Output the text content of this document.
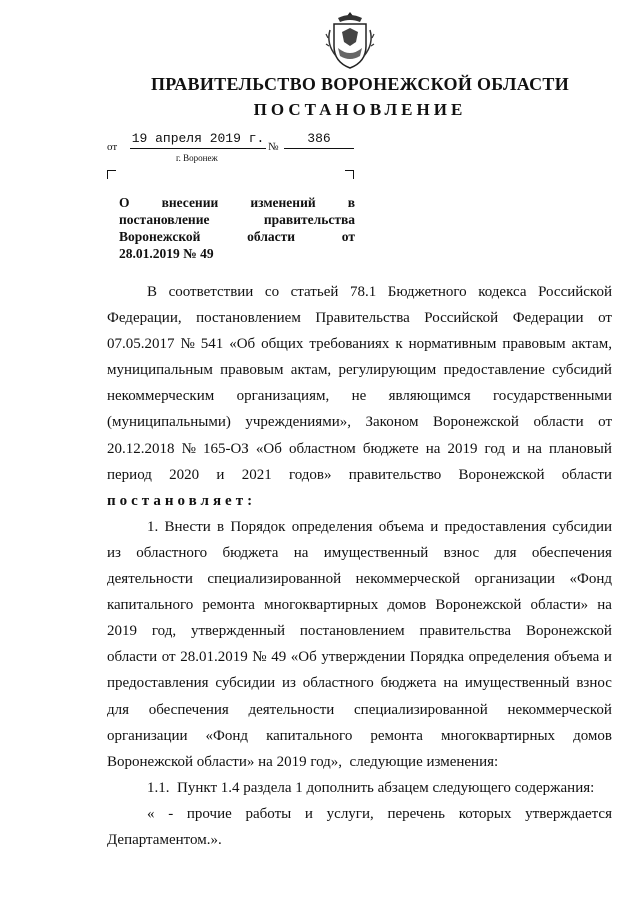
ПРАВИТЕЛЬСТВО ВОРОНЕЖСКОЙ ОБЛАСТИ
ПОСТАНОВЛЕНИЕ
от
19 апреля 2019 г.
№
386
г. Воронеж
О внесении изменений в
постановление	правительства
Воронежской	области	от
28.01.2019 № 49
В соответствии со статьей 78.1 Бюджетного кодекса Российской
Федерации, постановлением Правительства Российской Федерации от
07.05.2017 № 541 «Об общих требованиях к нормативным правовым актам,
муниципальным правовым актам, регулирующим предоставление субсидий
некоммерческим организациям, не являющимся государственными
(муниципальными) учреждениями», Законом Воронежской области от
20.12.2018 № 165-ОЗ «Об областном бюджете на 2019 год и на плановый
период 2020 и 2021 годов» правительство Воронежской области
постановляет:
1. Внести в Порядок определения объема и предоставления субсидии
из областного бюджета на имущественный взнос для обеспечения
деятельности специализированной некоммерческой организации «Фонд
капитального ремонта многоквартирных домов Воронежской области» на
2019 год, утвержденный постановлением правительства Воронежской
области от 28.01.2019 № 49 «Об утверждении Порядка определения объема и
предоставления субсидии из областного бюджета на имущественный взнос
для обеспечения деятельности специализированной некоммерческой
организации «Фонд капитального ремонта многоквартирных домов
Воронежской области» на 2019 год»,  следующие изменения:
1.1.  Пункт 1.4 раздела 1 дополнить абзацем следующего содержания:
« - прочие работы и услуги, перечень которых утверждается
Департаментом.».
